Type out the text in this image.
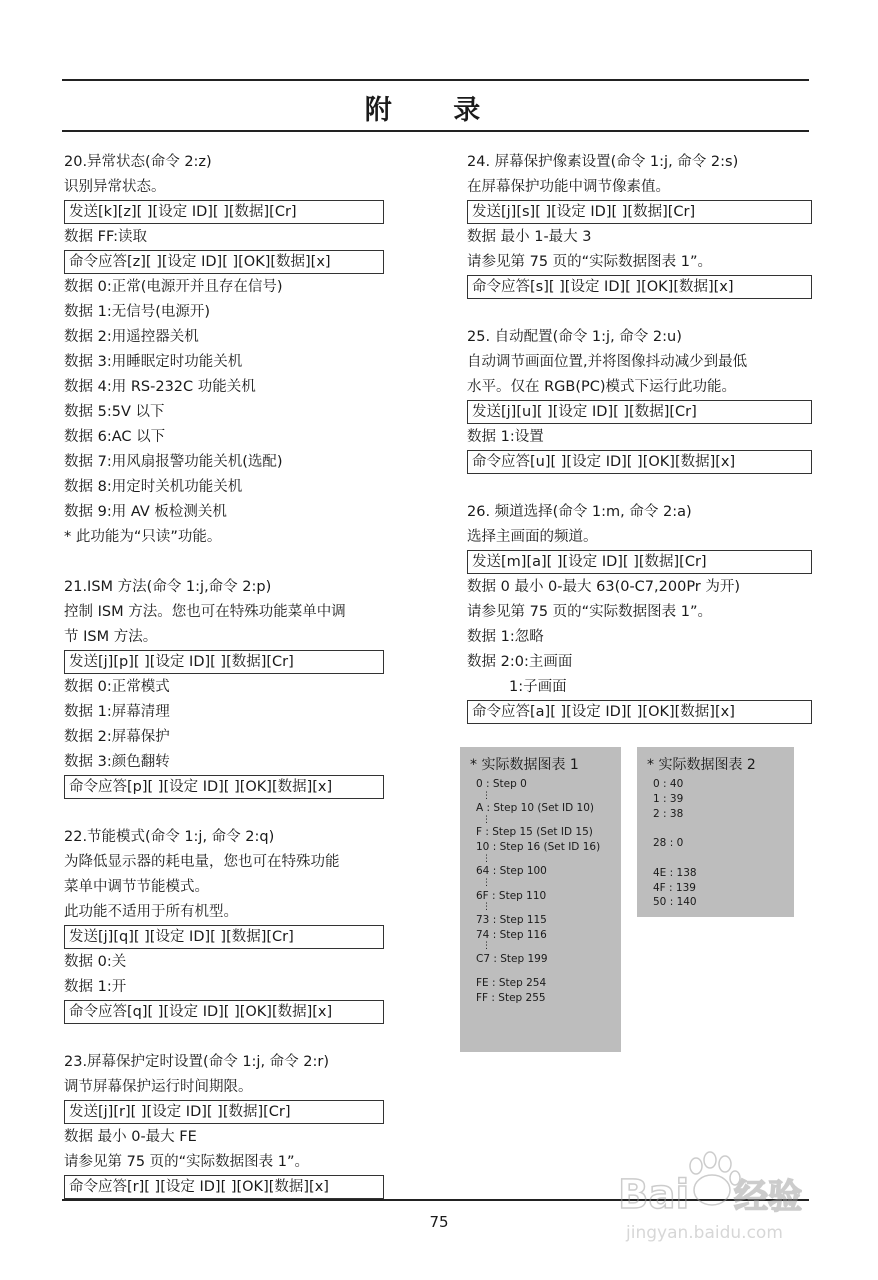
附 录
20.异常状态(命令 2:z)
识别异常状态。
发送[k][z][ ][设定 ID][ ][数据][Cr]
数据 FF:读取
命令应答[z][ ][设定 ID][ ][OK][数据][x]
数据 0:正常(电源开并且存在信号)
数据 1:无信号(电源开)
数据 2:用遥控器关机
数据 3:用睡眠定时功能关机
数据 4:用 RS-232C 功能关机
数据 5:5V 以下
数据 6:AC 以下
数据 7:用风扇报警功能关机(选配)
数据 8:用定时关机功能关机
数据 9:用 AV 板检测关机
* 此功能为“只读”功能。
21.ISM 方法(命令 1:j,命令 2:p)
控制 ISM 方法。您也可在特殊功能菜单中调
节 ISM 方法。
发送[j][p][ ][设定 ID][ ][数据][Cr]
数据 0:正常模式
数据 1:屏幕清理
数据 2:屏幕保护
数据 3:颜色翻转
命令应答[p][ ][设定 ID][ ][OK][数据][x]
22.节能模式(命令 1:j, 命令 2:q)
为降低显示器的耗电量，您也可在特殊功能
菜单中调节节能模式。
此功能不适用于所有机型。
发送[j][q][ ][设定 ID][ ][数据][Cr]
数据 0:关
数据 1:开
命令应答[q][ ][设定 ID][ ][OK][数据][x]
23.屏幕保护定时设置(命令 1:j, 命令 2:r)
调节屏幕保护运行时间期限。
发送[j][r][ ][设定 ID][ ][数据][Cr]
数据 最小 0-最大 FE
请参见第 75 页的“实际数据图表 1”。
命令应答[r][ ][设定 ID][ ][OK][数据][x]
24. 屏幕保护像素设置(命令 1:j, 命令 2:s)
在屏幕保护功能中调节像素值。
发送[j][s][ ][设定 ID][ ][数据][Cr]
数据 最小 1-最大 3
请参见第 75 页的“实际数据图表 1”。
命令应答[s][ ][设定 ID][ ][OK][数据][x]
25. 自动配置(命令 1:j, 命令 2:u)
自动调节画面位置,并将图像抖动减少到最低
水平。仅在 RGB(PC)模式下运行此功能。
发送[j][u][ ][设定 ID][ ][数据][Cr]
数据 1:设置
命令应答[u][ ][设定 ID][ ][OK][数据][x]
26. 频道选择(命令 1:m, 命令 2:a)
选择主画面的频道。
发送[m][a][ ][设定 ID][ ][数据][Cr]
数据 0 最小 0-最大 63(0-C7,200Pr 为开)
请参见第 75 页的“实际数据图表 1”。
数据 1:忽略
数据 2:0:主画面
1:子画面
命令应答[a][ ][设定 ID][ ][OK][数据][x]
* 实际数据图表 1
0 : Step 0
⋮
A : Step 10 (Set ID 10)
⋮
F : Step 15 (Set ID 15)
10 : Step 16 (Set ID 16)
⋮
64 : Step 100
⋮
6F : Step 110
⋮
73 : Step 115
74 : Step 116
⋮
C7 : Step 199
FE : Step 254
FF : Step 255
* 实际数据图表 2
0 : 40
1 : 39
2 : 38
28 : 0
4E : 138
4F : 139
50 : 140
75
Bai 经验
jingyan.baidu.com
